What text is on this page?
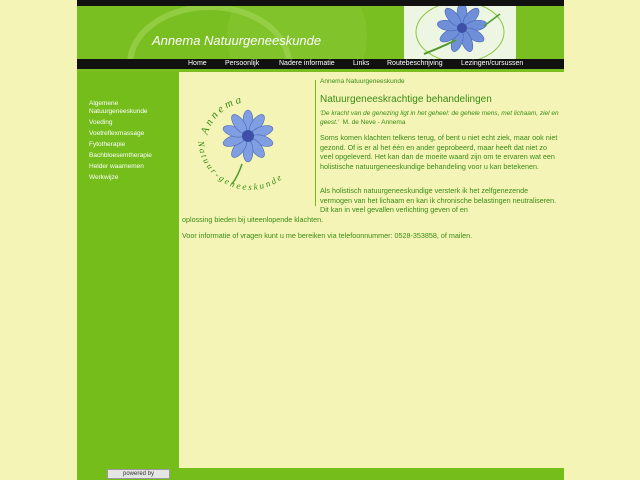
Annema Natuurgeneeskunde
Home	Persoonlijk	Nadere informatie	Links	Routebeschrijving	Lezingen/cursussen
Algemene Natuurgeneeskunde
Voeding
Voetreflexmassage
Fytotherapie
Bachbloesemtherapie
Helder waarnemen
Werkwijze
A n n e m a
N a t u u r - g e n e e s k u n d e
Annema Natuurgeneeskunde
Natuurgeneeskrachtige behandelingen
'De kracht van de genezing ligt in het geheel: de gehele mens, met lichaam, ziel en geest.' M. de Neve - Annema
Soms komen klachten telkens terug, of bent u niet echt ziek, maar ook niet gezond. Of is er al het één en ander geprobeerd, maar heeft dat niet zo veel opgeleverd. Het kan dan de moeite waard zijn om te ervaren wat een holistische natuurgeneeskundige behandeling voor u kan betekenen.
Als holistisch natuurgeneeskundige versterk ik het zelfgenezende vermogen van het lichaam en kan ik chronische belastingen neutraliseren. Dit kan in veel gevallen verlichting geven of en
oplossing bieden bij uiteenlopende klachten.
Voor informatie of vragen kunt u me bereiken via telefoonnummer: 0528-353858, of mailen.
powered by
